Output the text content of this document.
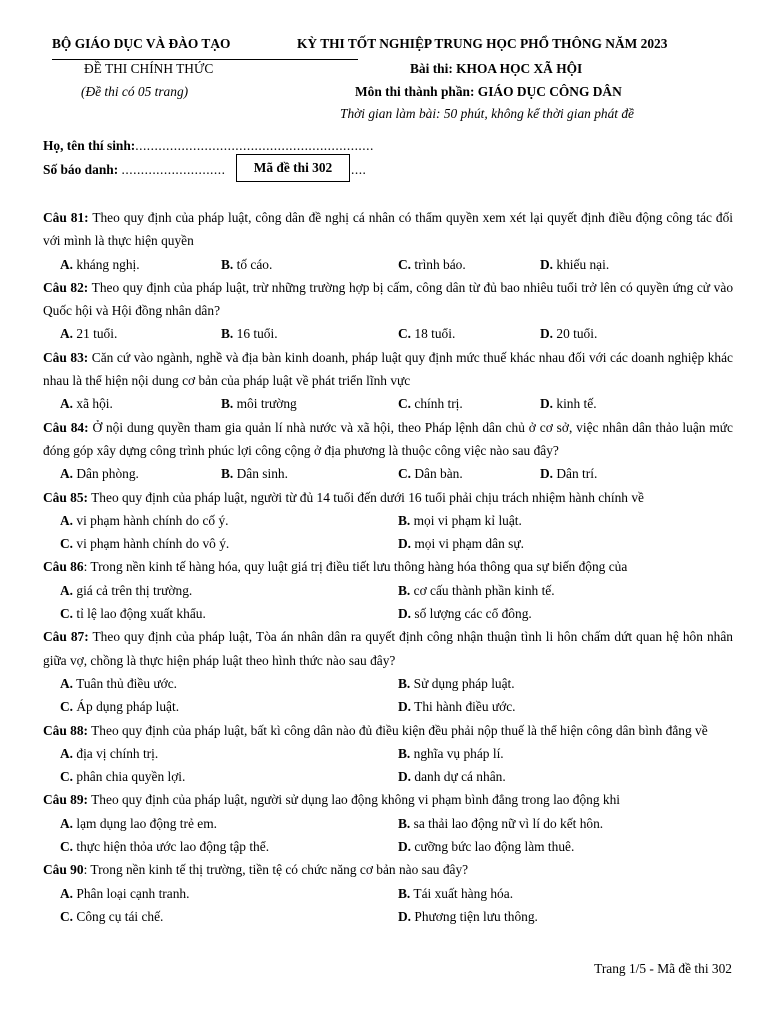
BỘ GIÁO DỤC VÀ ĐÀO TẠO
ĐỀ THI CHÍNH THỨC
(Đề thi có 05 trang)
KỲ THI TỐT NGHIỆP TRUNG HỌC PHỔ THÔNG NĂM 2023
Bài thi: KHOA HỌC XÃ HỘI
Môn thi thành phần: GIÁO DỤC CÔNG DÂN
Thời gian làm bài: 50 phút, không kể thời gian phát đề
Họ, tên thí sinh:..............................................................
Số báo danh: ...........................	....
Mã đề thi 302
Câu 81: Theo quy định của pháp luật, công dân đề nghị cá nhân có thẩm quyền xem xét lại quyết định điều động công tác đối với mình là thực hiện quyền
A. kháng nghị.	B. tố cáo.	C. trình báo.	D. khiếu nại.
Câu 82: Theo quy định của pháp luật, trừ những trường hợp bị cấm, công dân từ đủ bao nhiêu tuổi trở lên có quyền ứng cử vào Quốc hội và Hội đồng nhân dân?
A. 21 tuổi.	B. 16 tuổi.	C. 18 tuổi.	D. 20 tuổi.
Câu 83: Căn cứ vào ngành, nghề và địa bàn kinh doanh, pháp luật quy định mức thuế khác nhau đối với các doanh nghiệp khác nhau là thể hiện nội dung cơ bản của pháp luật về phát triển lĩnh vực
A. xã hội.	B. môi trường	C. chính trị.	D. kinh tế.
Câu 84: Ở nội dung quyền tham gia quản lí nhà nước và xã hội, theo Pháp lệnh dân chủ ở cơ sở, việc nhân dân thảo luận mức đóng góp xây dựng công trình phúc lợi công cộng ở địa phương là thuộc công việc nào sau đây?
A. Dân phòng.	B. Dân sinh.	C. Dân bàn.	D. Dân trí.
Câu 85: Theo quy định của pháp luật, người từ đủ 14 tuổi đến dưới 16 tuổi phải chịu trách nhiệm hành chính về
A. vi phạm hành chính do cố ý.	B. mọi vi phạm kỉ luật.
C. vi phạm hành chính do vô ý.	D. mọi vi phạm dân sự.
Câu 86: Trong nền kinh tế hàng hóa, quy luật giá trị điều tiết lưu thông hàng hóa thông qua sự biến động của
A. giá cả trên thị trường.	B. cơ cấu thành phần kinh tế.
C. tỉ lệ lao động xuất khẩu.	D. số lượng các cổ đông.
Câu 87: Theo quy định của pháp luật, Tòa án nhân dân ra quyết định công nhận thuận tình li hôn chấm dứt quan hệ hôn nhân giữa vợ, chồng là thực hiện pháp luật theo hình thức nào sau đây?
A. Tuân thủ điều ước.	B. Sử dụng pháp luật.
C. Áp dụng pháp luật.	D. Thi hành điều ước.
Câu 88: Theo quy định của pháp luật, bất kì công dân nào đủ điều kiện đều phải nộp thuế là thể hiện công dân bình đẳng về
A. địa vị chính trị.	B. nghĩa vụ pháp lí.
C. phân chia quyền lợi.	D. danh dự cá nhân.
Câu 89: Theo quy định của pháp luật, người sử dụng lao động không vi phạm bình đẳng trong lao động khi
A. lạm dụng lao động trẻ em.	B. sa thải lao động nữ vì lí do kết hôn.
C. thực hiện thỏa ước lao động tập thể.	D. cưỡng bức lao động làm thuê.
Câu 90: Trong nền kinh tế thị trường, tiền tệ có chức năng cơ bản nào sau đây?
A. Phân loại cạnh tranh.	B. Tái xuất hàng hóa.
C. Công cụ tái chế.	D. Phương tiện lưu thông.
Trang 1/5 - Mã đề thi 302
